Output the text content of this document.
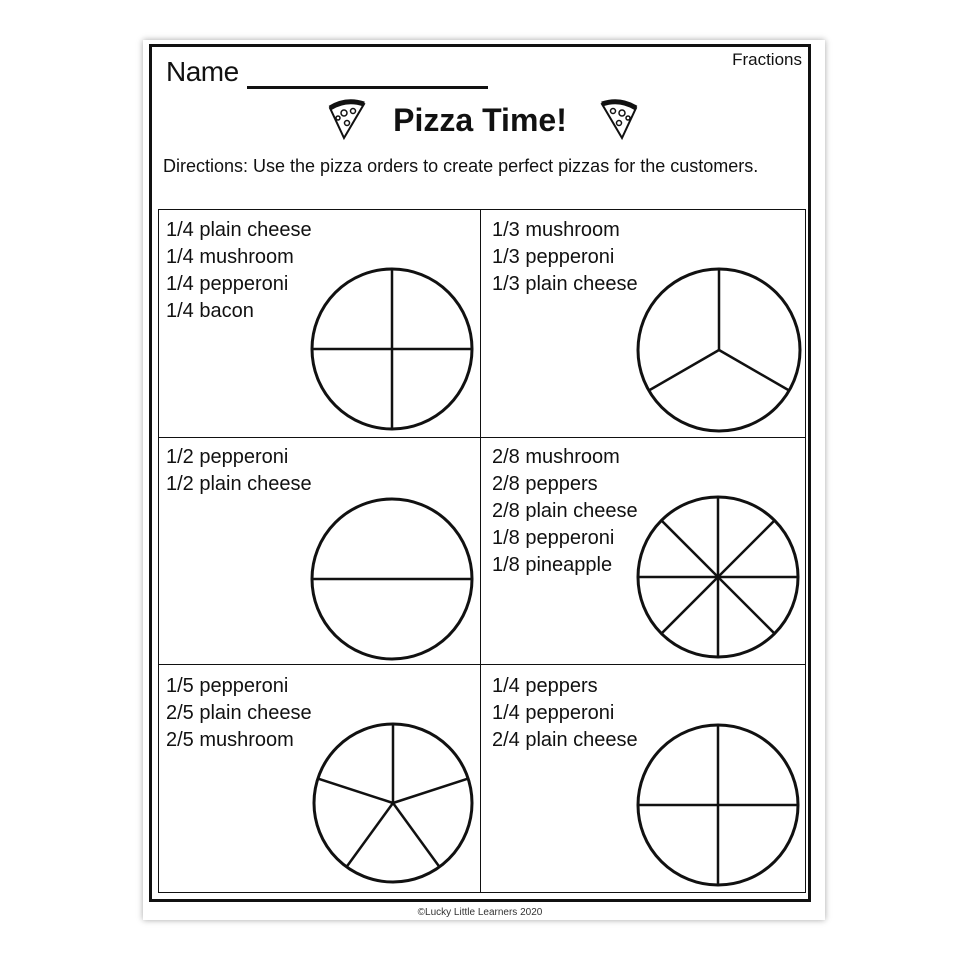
Name	Fractions
Pizza Time!
Directions: Use the pizza orders to create perfect pizzas for the customers.
1/4 plain cheese
1/4 mushroom
1/4 pepperoni
1/4 bacon
1/3 mushroom
1/3 pepperoni
1/3 plain cheese
1/2 pepperoni
1/2 plain cheese
2/8 mushroom
2/8 peppers
2/8 plain cheese
1/8 pepperoni
1/8 pineapple
1/5 pepperoni
2/5 plain cheese
2/5 mushroom
1/4 peppers
1/4 pepperoni
2/4 plain cheese
©Lucky Little Learners 2020
